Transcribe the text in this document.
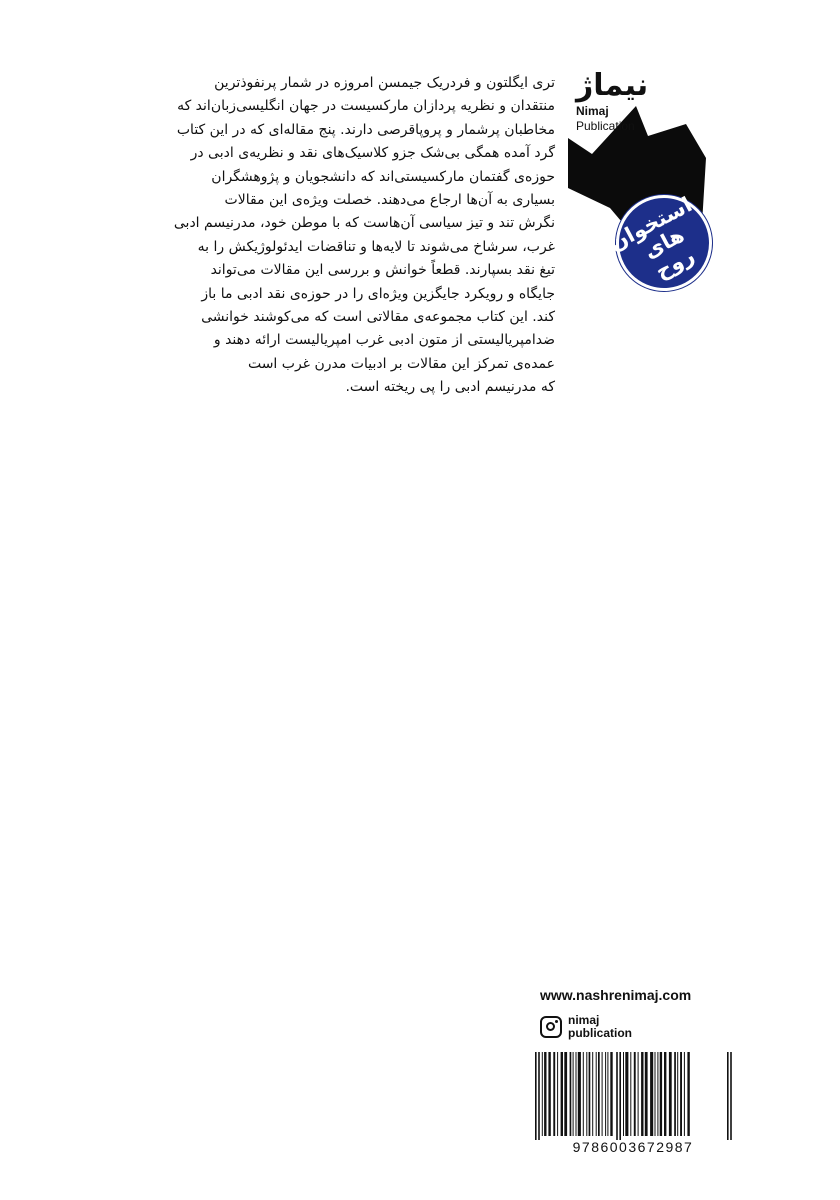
نیماژ
Nimaj
Publication
استخوان های روح

تری ایگلتون و فردریک جیمسن امروزه در شمار پرنفوذترین

منتقدان و نظریه پردازان مارکسیست در جهان انگلیسی‌زبان‌اند که

مخاطبان پرشمار و پروپاقرصی دارند. پنج مقاله‌ای که در این کتاب

گرد آمده همگی بی‌شک جزو کلاسیک‌های نقد و نظریه‌ی ادبی در

حوزه‌ی گفتمان مارکسیستی‌اند که دانشجویان و پژوهشگران

بسیاری به آن‌ها ارجاع می‌دهند. خصلت ویژه‌ی این مقالات

نگرش تند و تیز سیاسی آن‌هاست که با موطن خود، مدرنیسم ادبی

غرب، سرشاخ می‌شوند تا لایه‌ها و تناقضات ایدئولوژیکش را به

تیغ نقد بسپارند. قطعاً خوانش و بررسی این مقالات می‌تواند

جایگاه و رویکرد جایگزین ویژه‌ای را در حوزه‌ی نقد ادبی ما باز

کند. این کتاب مجموعه‌ی مقالاتی است که می‌کوشند خوانشی

ضدامپریالیستی از متون ادبی غرب امپریالیست ارائه دهند و

عمده‌ی تمرکز این مقالات بر ادبیات مدرن غرب است

که مدرنیسم ادبی را پی ریخته است.

www.nashrenimaj.com
nimaj
publication
9786003672987
